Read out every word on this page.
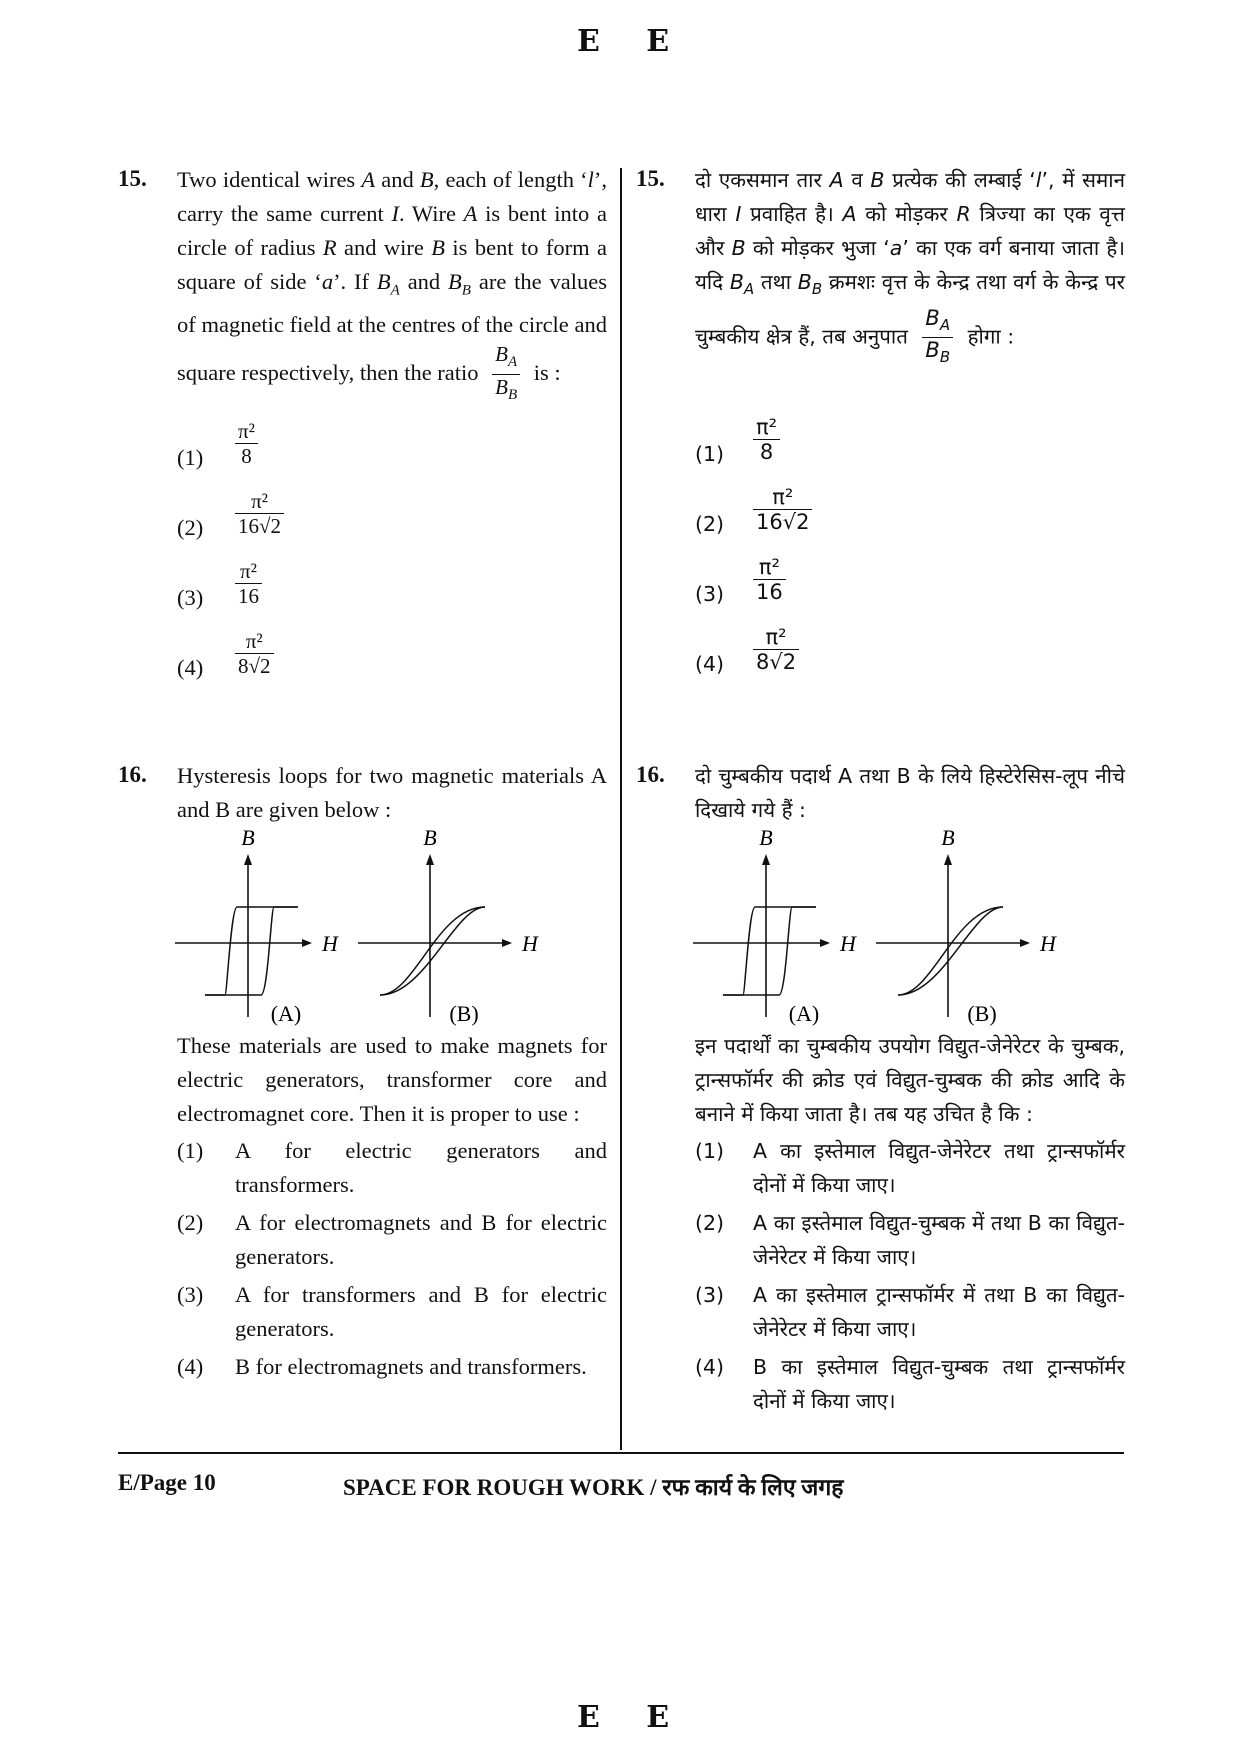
E E
15. Two identical wires A and B, each of length ‘l’, carry the same current I. Wire A is bent into a circle of radius R and wire B is bent to form a square of side ‘a’. If $B_A$ and $B_B$ are the values of magnetic field at the centres of the circle and square respectively, then the ratio $\frac{B_A}{B_B}$ is :
$(1) \frac{\text{π²}}{8}$
$(2) \frac{\text{π²}}{16√2}$
$(3) \frac{\text{π²}}{16}$
$(4) \frac{\text{π²}}{8√2}$
16. Hysteresis loops for two magnetic materials A and B are given below :
B
H
(A)
B
H
(B)
These materials are used to make magnets for electric generators, transformer core and electromagnet core. Then it is proper to use :
(1) A for electric generators and transformers.
(2) A for electromagnets and B for electric generators.
(3) A for transformers and B for electric generators.
(4) B for electromagnets and transformers.
15. दो एकसमान तार A व B प्रत्येक की लम्बाई ‘l’, में समान धारा I प्रवाहित है। A को मोड़कर R त्रिज्या का एक वृत्त और B को मोड़कर भुजा ‘a’ का एक वर्ग बनाया जाता है। यदि $B_A$ तथा $B_B$ क्रमशः वृत्त के केन्द्र तथा वर्ग के केन्द्र पर चुम्बकीय क्षेत्र हैं, तब अनुपात $\frac{B_A}{B_B}$ होगा :
$(1) \frac{\text{π²}}{8}$
$(2) \frac{\text{π²}}{16√2}$
$(3) \frac{\text{π²}}{16}$
$(4) \frac{\text{π²}}{8√2}$
16. दो चुम्बकीय पदार्थ A तथा B के लिये हिस्टेरेसिस-लूप नीचे दिखाये गये हैं :
B
H
(A)
B
H
(B)
इन पदार्थों का चुम्बकीय उपयोग विद्युत-जेनेरेटर के चुम्बक, ट्रान्सफॉर्मर की क्रोड एवं विद्युत-चुम्बक की क्रोड आदि के बनाने में किया जाता है। तब यह उचित है कि :
(1) A का इस्तेमाल विद्युत-जेनेरेटर तथा ट्रान्सफॉर्मर दोनों में किया जाए।
(2) A का इस्तेमाल विद्युत-चुम्बक में तथा B का विद्युत-जेनेरेटर में किया जाए।
(3) A का इस्तेमाल ट्रान्सफॉर्मर में तथा B का विद्युत-जेनेरेटर में किया जाए।
(4) B का इस्तेमाल विद्युत-चुम्बक तथा ट्रान्सफॉर्मर दोनों में किया जाए।
E/Page 10	SPACE FOR ROUGH WORK / रफ कार्य के लिए जगह
E E
